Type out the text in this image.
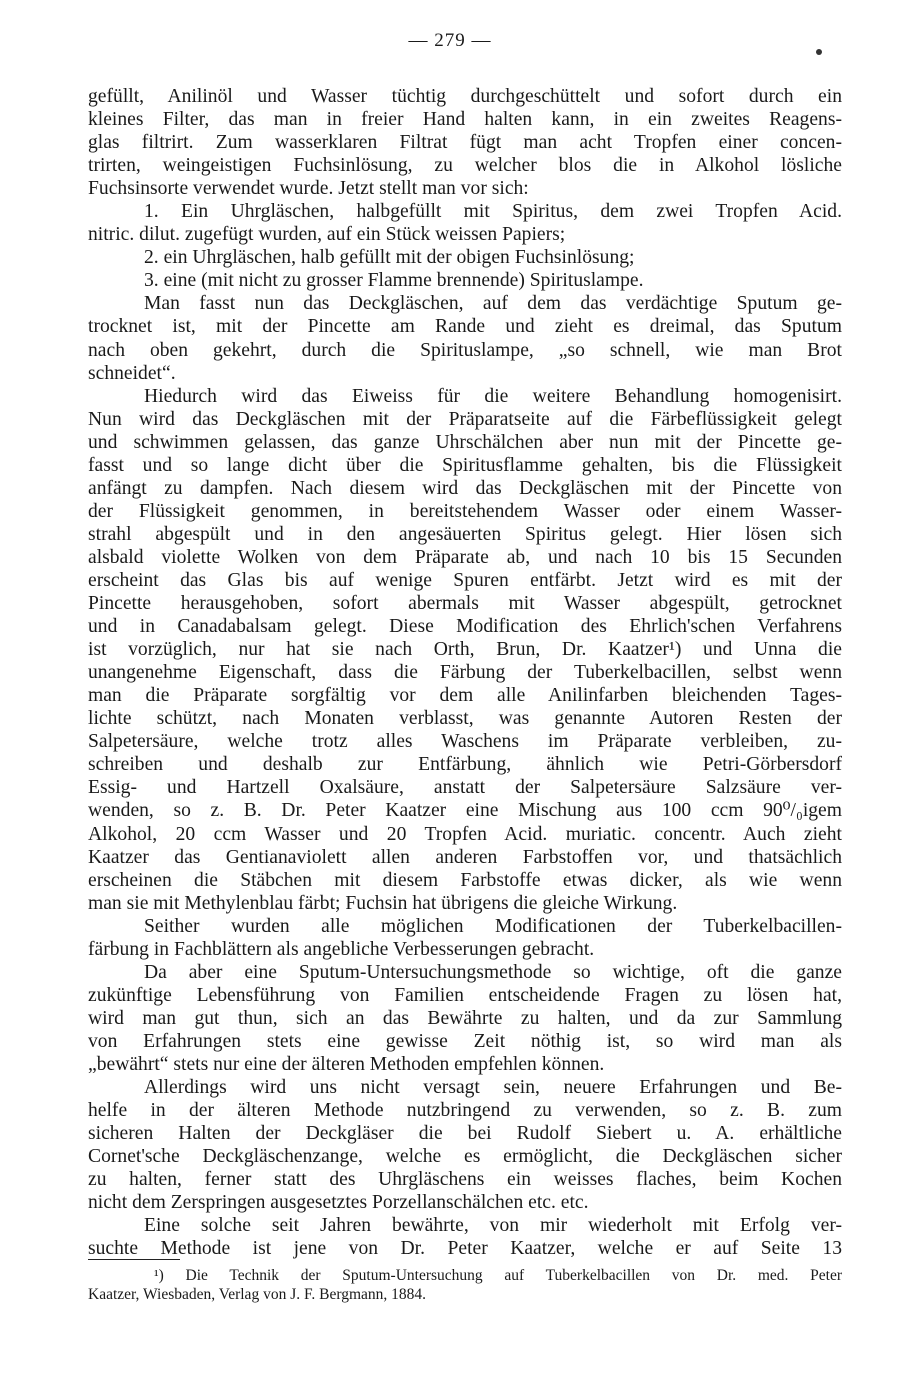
— 279 —
gefüllt, Anilinöl und Wasser tüchtig durchgeschüttelt und sofort durch ein
kleines Filter, das man in freier Hand halten kann, in ein zweites Reagens-
glas filtrirt. Zum wasserklaren Filtrat fügt man acht Tropfen einer concen-
trirten, weingeistigen Fuchsinlösung, zu welcher blos die in Alkohol lösliche
Fuchsinsorte verwendet wurde. Jetzt stellt man vor sich:
1. Ein Uhrgläschen, halbgefüllt mit Spiritus, dem zwei Tropfen Acid.
nitric. dilut. zugefügt wurden, auf ein Stück weissen Papiers;
2. ein Uhrgläschen, halb gefüllt mit der obigen Fuchsinlösung;
3. eine (mit nicht zu grosser Flamme brennende) Spirituslampe.
Man fasst nun das Deckgläschen, auf dem das verdächtige Sputum ge-
trocknet ist, mit der Pincette am Rande und zieht es dreimal, das Sputum
nach oben gekehrt, durch die Spirituslampe, „so schnell, wie man Brot
schneidet“.
Hiedurch wird das Eiweiss für die weitere Behandlung homogenisirt.
Nun wird das Deckgläschen mit der Präparatseite auf die Färbeflüssigkeit gelegt
und schwimmen gelassen, das ganze Uhrschälchen aber nun mit der Pincette ge-
fasst und so lange dicht über die Spiritusflamme gehalten, bis die Flüssigkeit
anfängt zu dampfen. Nach diesem wird das Deckgläschen mit der Pincette von
der Flüssigkeit genommen, in bereitstehendem Wasser oder einem Wasser-
strahl abgespült und in den angesäuerten Spiritus gelegt. Hier lösen sich
alsbald violette Wolken von dem Präparate ab, und nach 10 bis 15 Secunden
erscheint das Glas bis auf wenige Spuren entfärbt. Jetzt wird es mit der
Pincette herausgehoben, sofort abermals mit Wasser abgespült, getrocknet
und in Canadabalsam gelegt. Diese Modification des Ehrlich'schen Verfahrens
ist vorzüglich, nur hat sie nach Orth, Brun, Dr. Kaatzer¹) und Unna die
unangenehme Eigenschaft, dass die Färbung der Tuberkelbacillen, selbst wenn
man die Präparate sorgfältig vor dem alle Anilinfarben bleichenden Tages-
lichte schützt, nach Monaten verblasst, was genannte Autoren Resten der
Salpetersäure, welche trotz alles Waschens im Präparate verbleiben, zu-
schreiben und deshalb zur Entfärbung, ähnlich wie Petri-Görbersdorf
Essig- und Hartzell Oxalsäure, anstatt der Salpetersäure Salzsäure ver-
wenden, so z. B. Dr. Peter Kaatzer eine Mischung aus 100 ccm 90⁰/₀igem
Alkohol, 20 ccm Wasser und 20 Tropfen Acid. muriatic. concentr. Auch zieht
Kaatzer das Gentianaviolett allen anderen Farbstoffen vor, und thatsächlich
erscheinen die Stäbchen mit diesem Farbstoffe etwas dicker, als wie wenn
man sie mit Methylenblau färbt; Fuchsin hat übrigens die gleiche Wirkung.
Seither wurden alle möglichen Modificationen der Tuberkelbacillen-
färbung in Fachblättern als angebliche Verbesserungen gebracht.
Da aber eine Sputum-Untersuchungsmethode so wichtige, oft die ganze
zukünftige Lebensführung von Familien entscheidende Fragen zu lösen hat,
wird man gut thun, sich an das Bewährte zu halten, und da zur Sammlung
von Erfahrungen stets eine gewisse Zeit nöthig ist, so wird man als
„bewährt“ stets nur eine der älteren Methoden empfehlen können.
Allerdings wird uns nicht versagt sein, neuere Erfahrungen und Be-
helfe in der älteren Methode nutzbringend zu verwenden, so z. B. zum
sicheren Halten der Deckgläser die bei Rudolf Siebert u. A. erhältliche
Cornet'sche Deckgläschenzange, welche es ermöglicht, die Deckgläschen sicher
zu halten, ferner statt des Uhrgläschens ein weisses flaches, beim Kochen
nicht dem Zerspringen ausgesetztes Porzellanschälchen etc. etc.
Eine solche seit Jahren bewährte, von mir wiederholt mit Erfolg ver-
suchte Methode ist jene von Dr. Peter Kaatzer, welche er auf Seite 13
¹) Die Technik der Sputum-Untersuchung auf Tuberkelbacillen von Dr. med. Peter
Kaatzer, Wiesbaden, Verlag von J. F. Bergmann, 1884.
